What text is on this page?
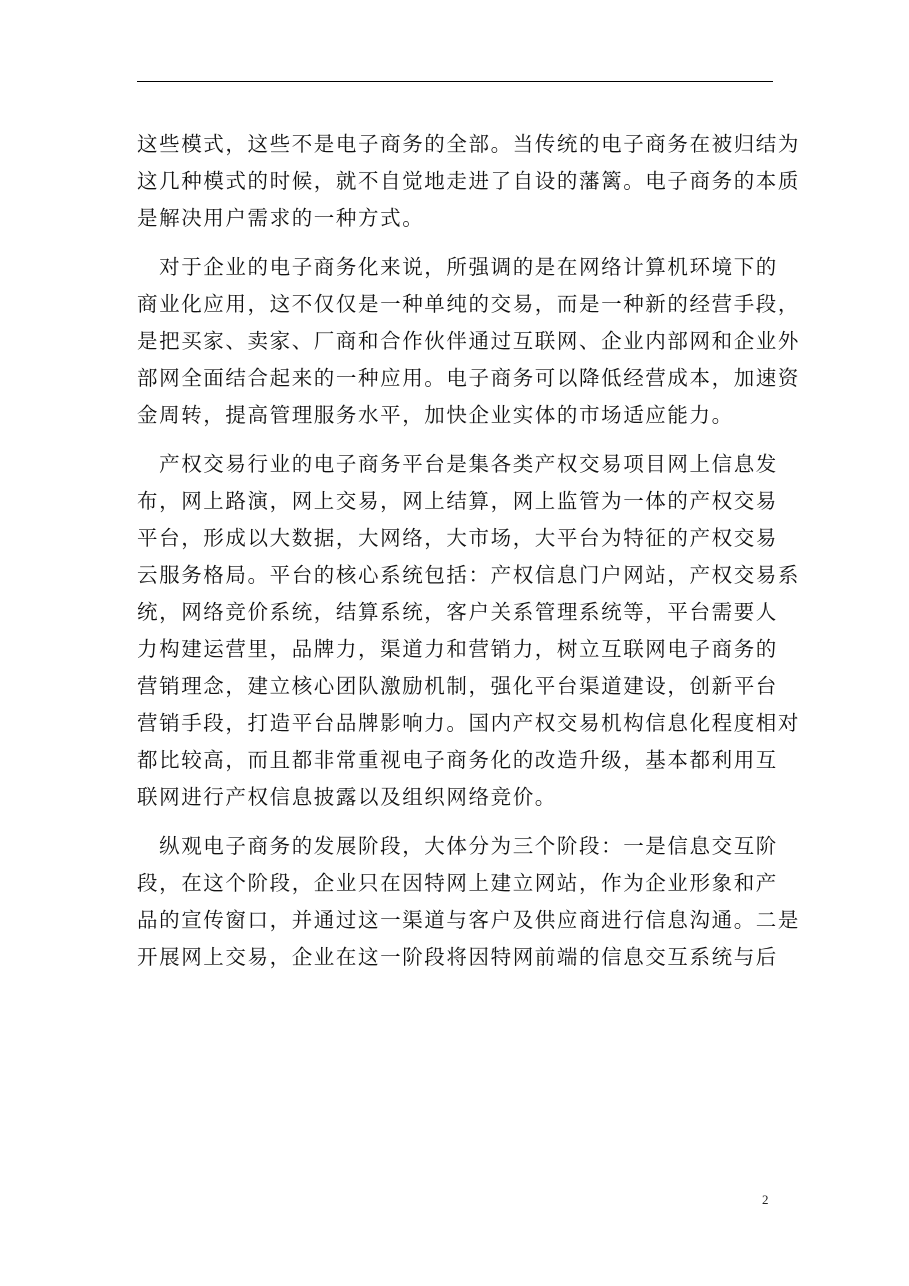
这些模式，这些不是电子商务的全部。当传统的电子商务在被归结为
这几种模式的时候，就不自觉地走进了自设的藩篱。电子商务的本质
是解决用户需求的一种方式。
　对于企业的电子商务化来说，所强调的是在网络计算机环境下的
商业化应用，这不仅仅是一种单纯的交易，而是一种新的经营手段，
是把买家、卖家、厂商和合作伙伴通过互联网、企业内部网和企业外
部网全面结合起来的一种应用。电子商务可以降低经营成本，加速资
金周转，提高管理服务水平，加快企业实体的市场适应能力。
　产权交易行业的电子商务平台是集各类产权交易项目网上信息发
布，网上路演，网上交易，网上结算，网上监管为一体的产权交易
平台，形成以大数据，大网络，大市场，大平台为特征的产权交易
云服务格局。平台的核心系统包括：产权信息门户网站，产权交易系
统，网络竞价系统，结算系统，客户关系管理系统等，平台需要人
力构建运营里，品牌力，渠道力和营销力，树立互联网电子商务的
营销理念，建立核心团队激励机制，强化平台渠道建设，创新平台
营销手段，打造平台品牌影响力。国内产权交易机构信息化程度相对
都比较高，而且都非常重视电子商务化的改造升级，基本都利用互
联网进行产权信息披露以及组织网络竞价。
　纵观电子商务的发展阶段，大体分为三个阶段：一是信息交互阶
段，在这个阶段，企业只在因特网上建立网站，作为企业形象和产
品的宣传窗口，并通过这一渠道与客户及供应商进行信息沟通。二是
开展网上交易，企业在这一阶段将因特网前端的信息交互系统与后
2
